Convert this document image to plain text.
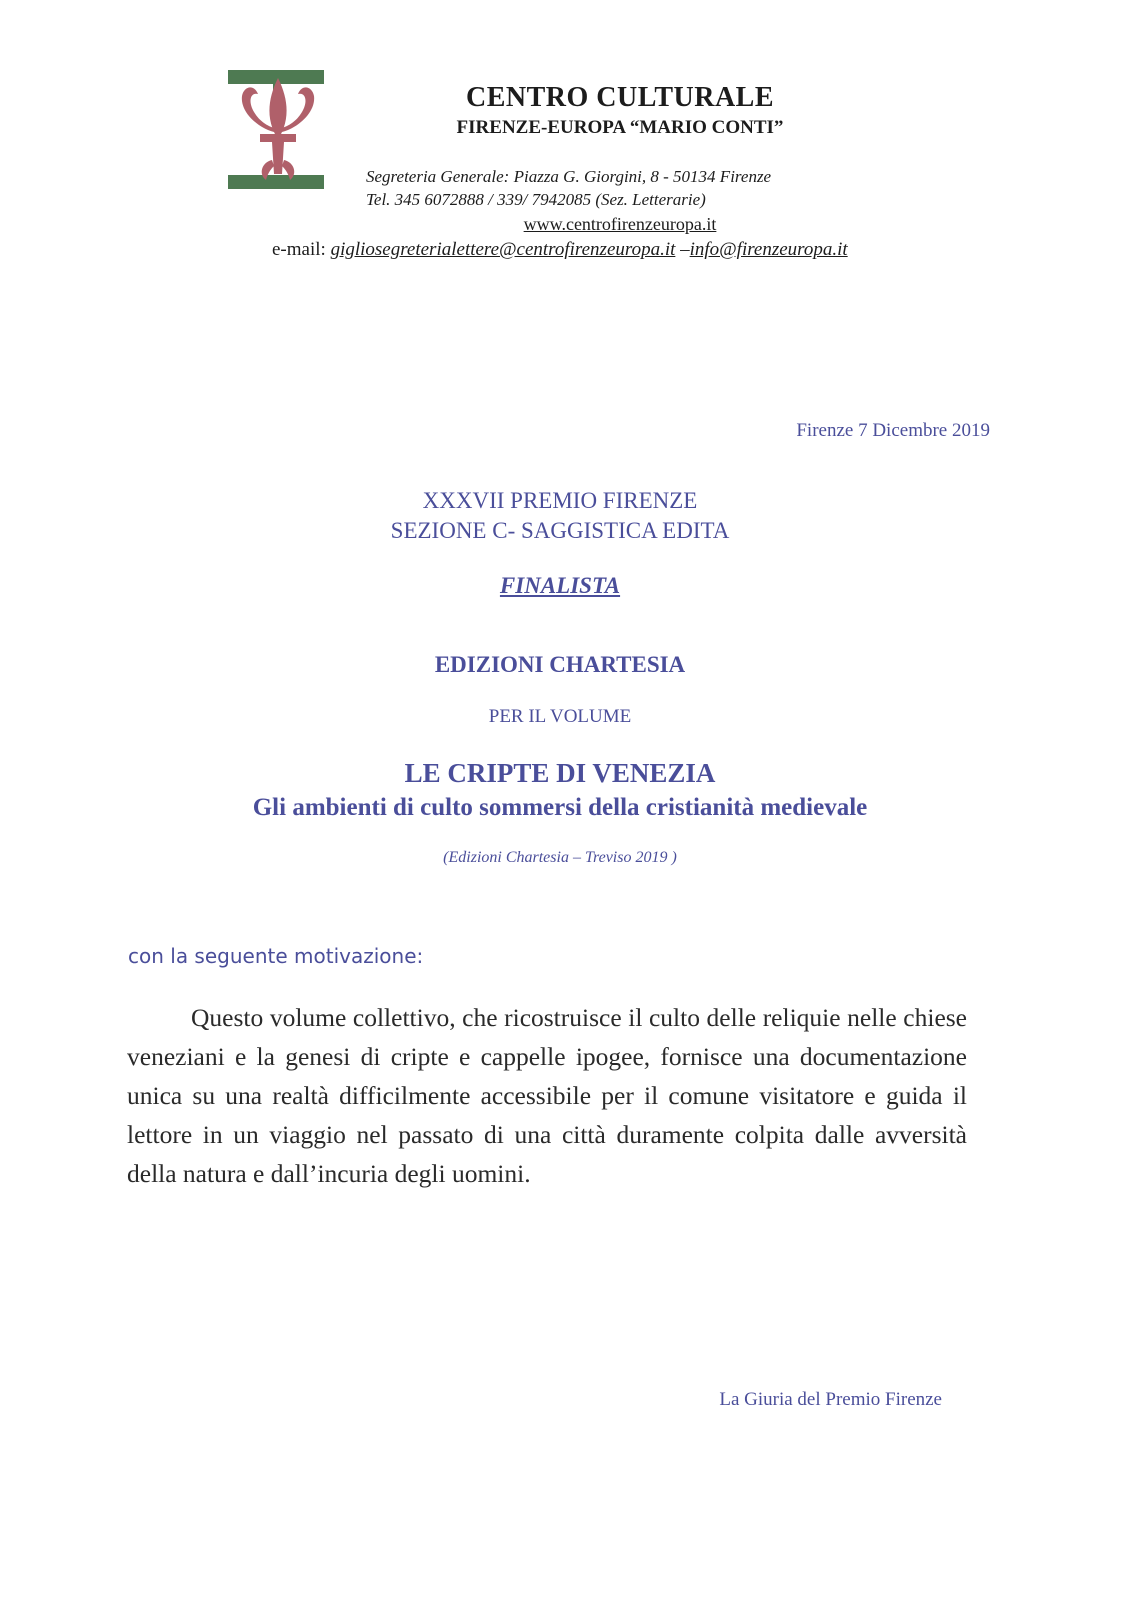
CENTRO CULTURALE
FIRENZE-EUROPA “MARIO CONTI”
Segreteria Generale: Piazza G. Giorgini, 8 - 50134 Firenze
Tel. 345 6072888 / 339/ 7942085 (Sez. Letterarie)
www.centrofirenzeuropa.it
e-mail: gigliosegreterialettere@centrofirenzeuropa.it –info@firenzeuropa.it
Firenze 7 Dicembre 2019
XXXVII PREMIO FIRENZE
SEZIONE C- SAGGISTICA EDITA
FINALISTA
EDIZIONI CHARTESIA
PER IL VOLUME
LE CRIPTE DI VENEZIA
Gli ambienti di culto sommersi della cristianità medievale
(Edizioni Chartesia – Treviso 2019 )
con la seguente motivazione:

Questo volume collettivo, che ricostruisce il culto delle reliquie nelle chiese veneziani e la genesi di cripte e cappelle ipogee, fornisce una documentazione unica su una realtà difficilmente accessibile per il comune visitatore e guida il lettore in un viaggio nel passato di una città duramente colpita dalle avversità della natura e dall’incuria degli uomini.

La Giuria del Premio Firenze
